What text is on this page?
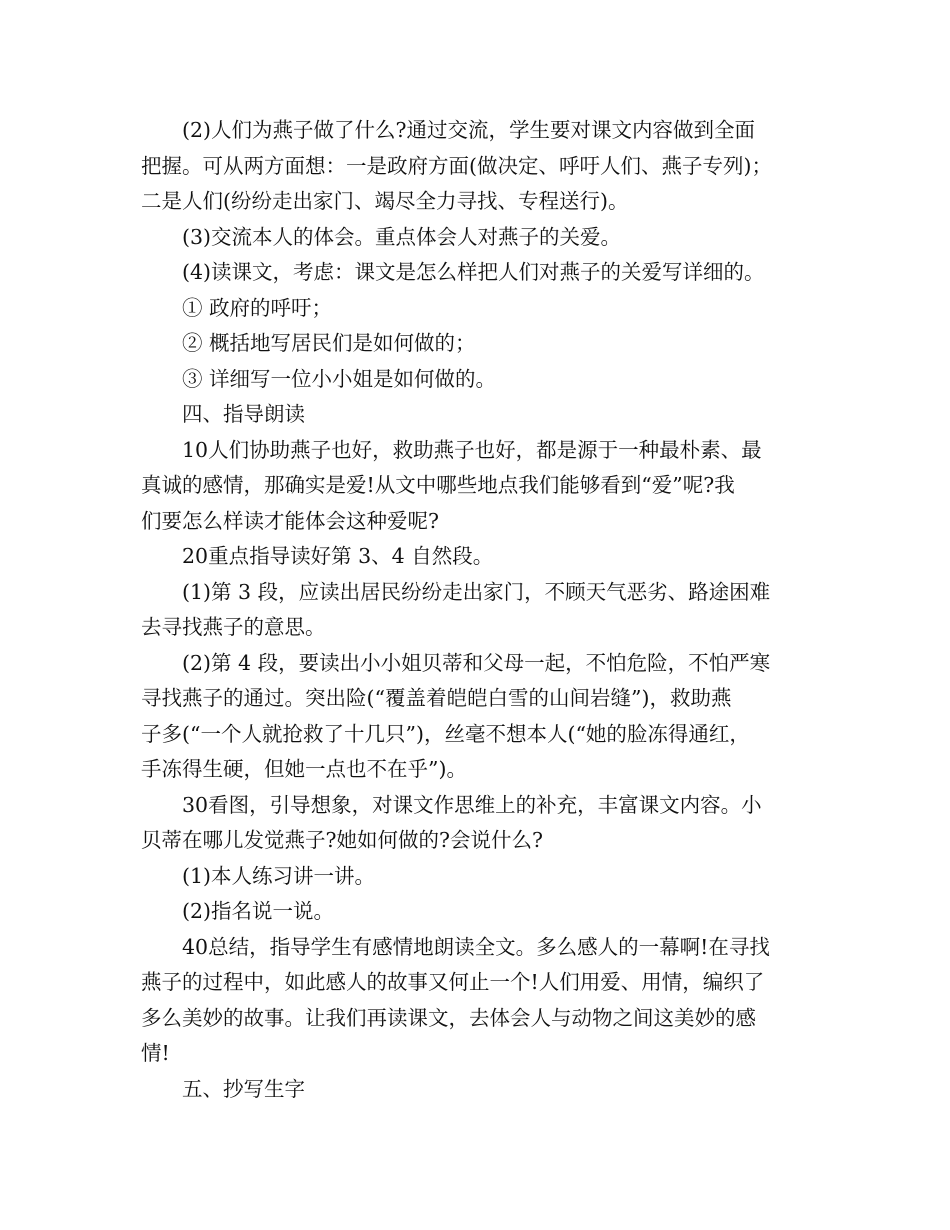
(2)人们为燕子做了什么?通过交流，学生要对课文内容做到全面
把握。可从两方面想：一是政府方面(做决定、呼吁人们、燕子专列)；
二是人们(纷纷走出家门、竭尽全力寻找、专程送行)。
(3)交流本人的体会。重点体会人对燕子的关爱。
(4)读课文，考虑：课文是怎么样把人们对燕子的关爱写详细的。
① 政府的呼吁；
② 概括地写居民们是如何做的；
③ 详细写一位小小姐是如何做的。
四、指导朗读
10人们协助燕子也好，救助燕子也好，都是源于一种最朴素、最
真诚的感情，那确实是爱!从文中哪些地点我们能够看到“爱”呢?我
们要怎么样读才能体会这种爱呢?
20重点指导读好第 3、4 自然段。
(1)第 3 段，应读出居民纷纷走出家门，不顾天气恶劣、路途困难
去寻找燕子的意思。
(2)第 4 段，要读出小小姐贝蒂和父母一起，不怕危险，不怕严寒
寻找燕子的通过。突出险(“覆盖着皑皑白雪的山间岩缝”)，救助燕
子多(“一个人就抢救了十几只”)，丝毫不想本人(“她的脸冻得通红，
手冻得生硬，但她一点也不在乎”)。
30看图，引导想象，对课文作思维上的补充，丰富课文内容。小
贝蒂在哪儿发觉燕子?她如何做的?会说什么?
(1)本人练习讲一讲。
(2)指名说一说。
40总结，指导学生有感情地朗读全文。多么感人的一幕啊!在寻找
燕子的过程中，如此感人的故事又何止一个!人们用爱、用情，编织了
多么美妙的故事。让我们再读课文，去体会人与动物之间这美妙的感
情!
五、抄写生字
